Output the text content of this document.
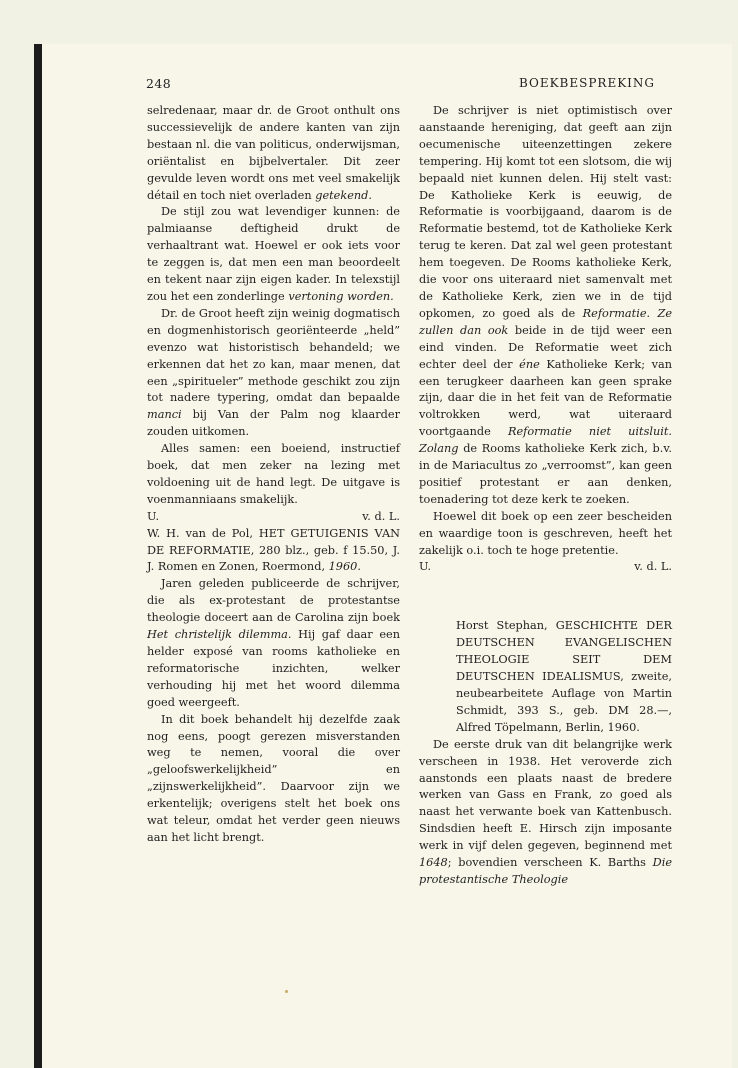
248	BOEKBESPREKING

selredenaar, maar dr. de Groot onthult ons successievelijk de andere kanten van zijn bestaan nl. die van politicus, onderwijsman, oriëntalist en bijbelvertaler. Dit zeer gevulde leven wordt ons met veel smakelijk détail en toch niet overladen getekend.

De stijl zou wat levendiger kunnen: de palmiaanse deftigheid drukt de verhaaltrant wat. Hoewel er ook iets voor te zeggen is, dat men een man beoordeelt en tekent naar zijn eigen kader. In telexstijl zou het een zonderlinge vertoning worden.

Dr. de Groot heeft zijn weinig dogmatisch en dogmenhistorisch georiënteerde „held” evenzo wat historistisch behandeld; we erkennen dat het zo kan, maar menen, dat een „spiritueler” methode geschikt zou zijn tot nadere typering, omdat dan bepaalde manci bij Van der Palm nog klaarder zouden uitkomen.

Alles samen: een boeiend, instructief boek, dat men zeker na lezing met voldoening uit de hand legt. De uitgave is voenmanniaans smakelijk.

U.	v. d. L.

W. H. van de Pol, HET GETUIGENIS VAN DE REFORMATIE, 280 blz., geb. f 15.50, J. J. Romen en Zonen, Roermond, 1960.

Jaren geleden publiceerde de schrijver, die als ex-protestant de protestantse theologie doceert aan de Carolina zijn boek Het christelijk dilemma. Hij gaf daar een helder exposé van rooms katholieke en reformatorische inzichten, welker verhouding hij met het woord dilemma goed weergeeft.

In dit boek behandelt hij dezelfde zaak nog eens, poogt gerezen misverstanden weg te nemen, vooral die over „geloofswerkelijkheid” en „zijnswerkelijkheid”. Daarvoor zijn we erkentelijk; overigens stelt het boek ons wat teleur, omdat het verder geen nieuws aan het licht brengt.

De schrijver is niet optimistisch over aanstaande hereniging, dat geeft aan zijn oecumenische uiteenzettingen zekere tempering. Hij komt tot een slotsom, die wij bepaald niet kunnen delen. Hij stelt vast: De Katholieke Kerk is eeuwig, de Reformatie is voorbijgaand, daarom is de Reformatie bestemd, tot de Katholieke Kerk terug te keren. Dat zal wel geen protestant hem toegeven. De Rooms katholieke Kerk, die voor ons uiteraard niet samenvalt met de Katholieke Kerk, zien we in de tijd opkomen, zo goed als de Reformatie. Ze zullen dan ook beide in de tijd weer een eind vinden. De Reformatie weet zich echter deel der éne Katholieke Kerk; van een terugkeer daarheen kan geen sprake zijn, daar die in het feit van de Reformatie voltrokken werd, wat uiteraard voortgaande Reformatie niet uitsluit. Zolang de Rooms katholieke Kerk zich, b.v. in de Mariacultus zo „verroomst”, kan geen positief protestant er aan denken, toenadering tot deze kerk te zoeken.

Hoewel dit boek op een zeer bescheiden en waardige toon is geschreven, heeft het zakelijk o.i. toch te hoge pretentie.

U.	v. d. L.

Horst Stephan, GESCHICHTE DER DEUTSCHEN EVANGELISCHEN THEOLOGIE SEIT DEM DEUTSCHEN IDEALISMUS, zweite, neubearbeitete Auflage von Martin Schmidt, 393 S., geb. DM 28.—, Alfred Töpelmann, Berlin, 1960.

De eerste druk van dit belangrijke werk verscheen in 1938. Het veroverde zich aanstonds een plaats naast de bredere werken van Gass en Frank, zo goed als naast het verwante boek van Kattenbusch. Sindsdien heeft E. Hirsch zijn imposante werk in vijf delen gegeven, beginnend met 1648; bovendien verscheen K. Barths Die protestantische Theologie
